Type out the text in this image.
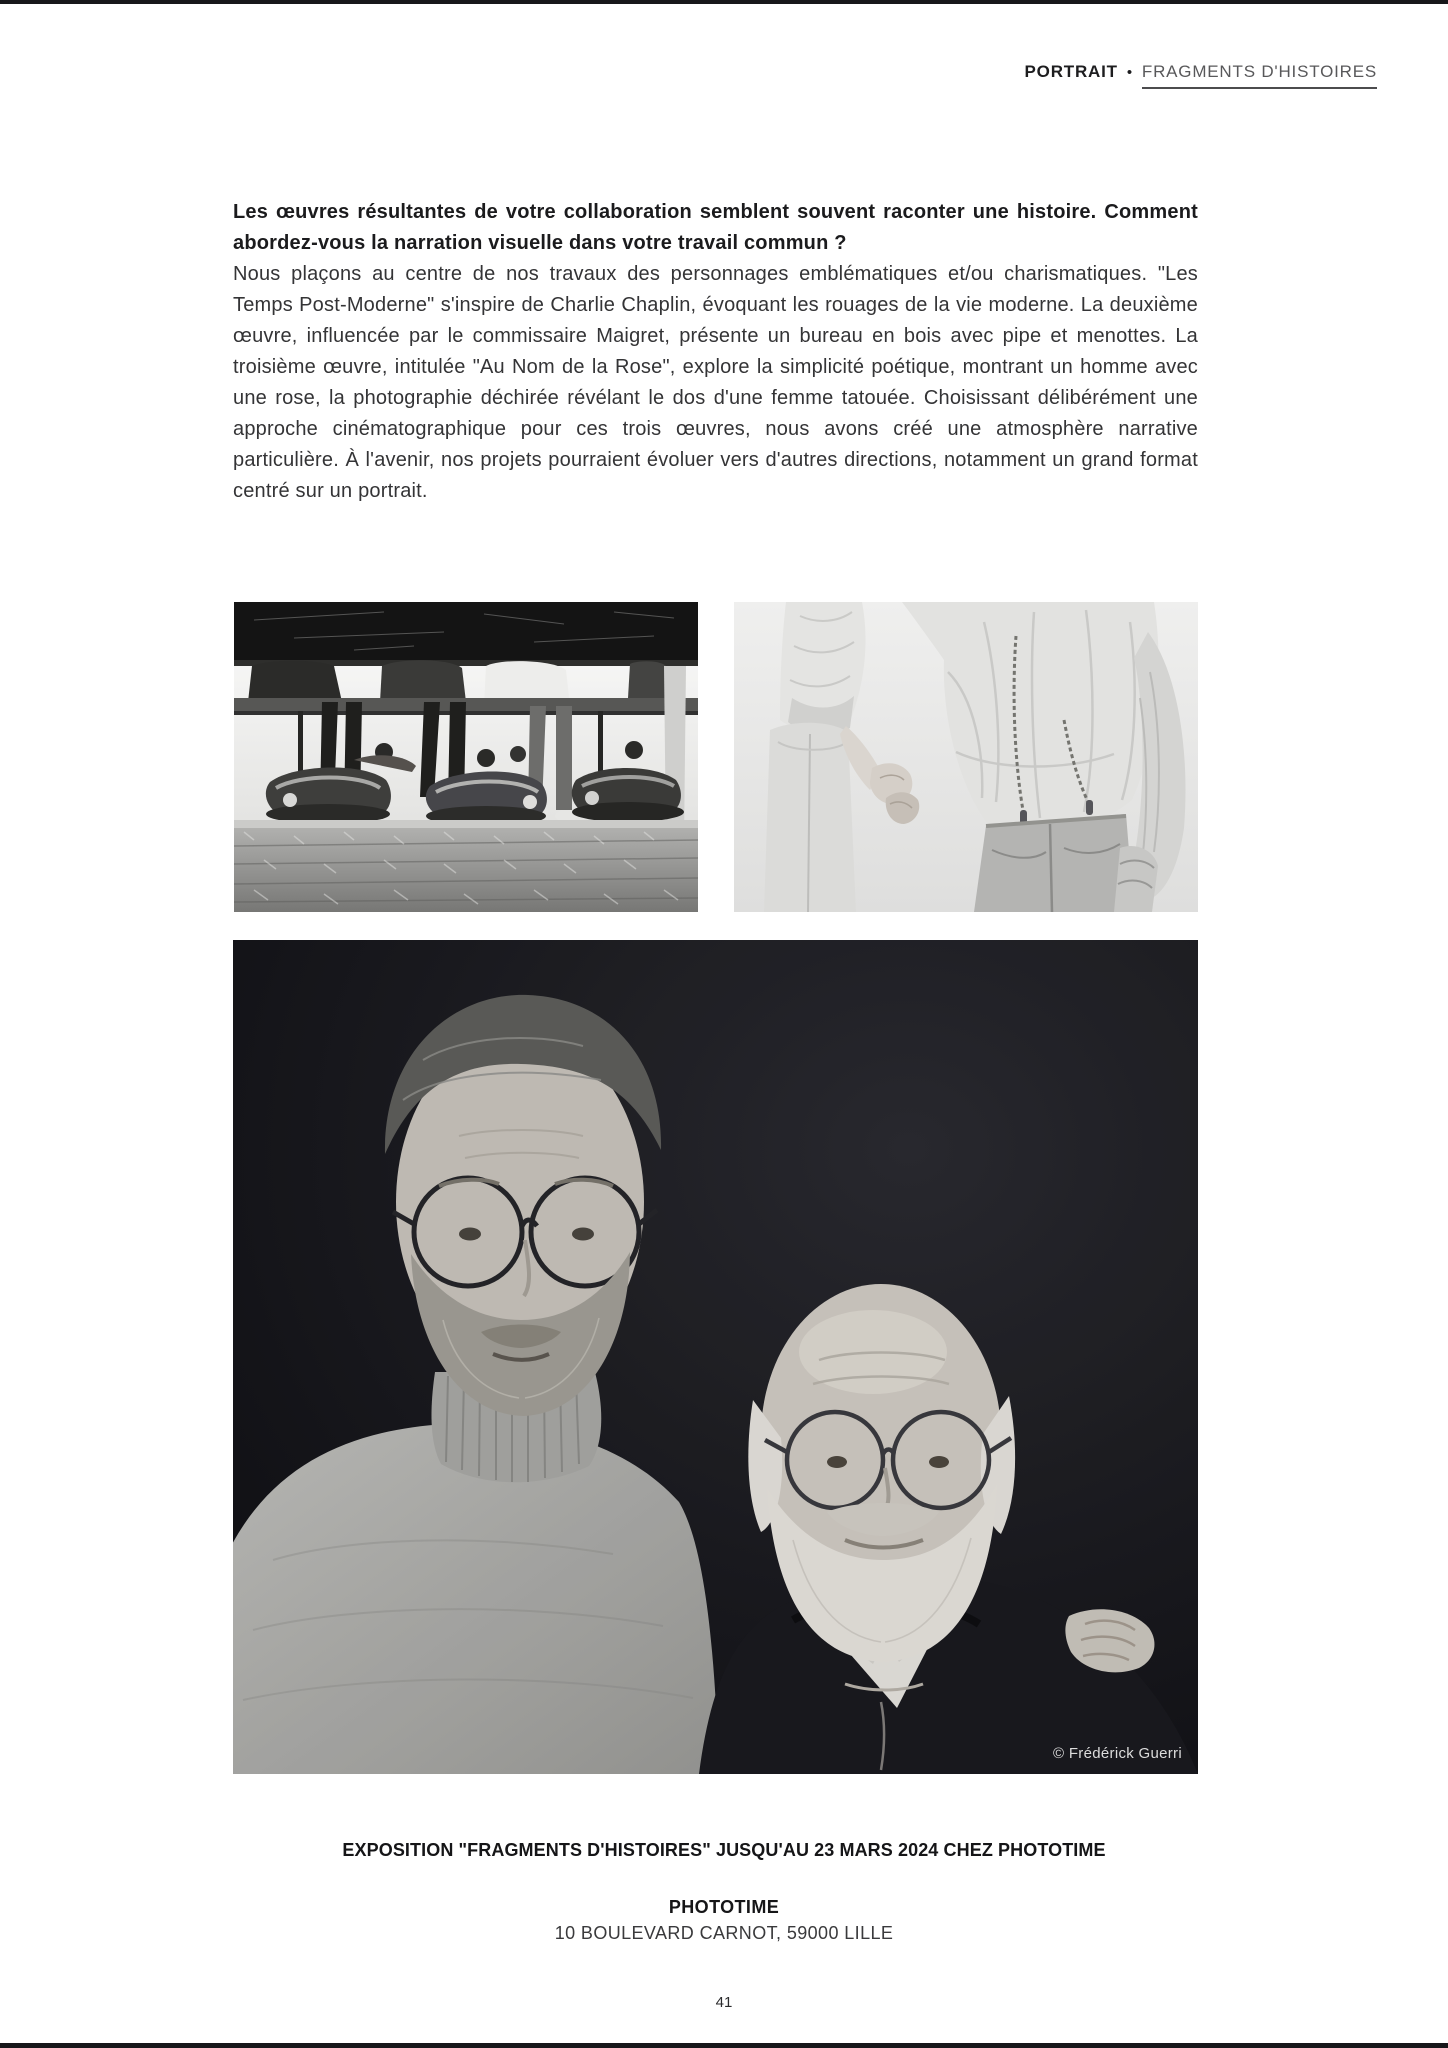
PORTRAIT • FRAGMENTS D'HISTOIRES

Les œuvres résultantes de votre collaboration semblent souvent raconter une histoire. Comment abordez-vous la narration visuelle dans votre travail commun ?

Nous plaçons au centre de nos travaux des personnages emblématiques et/ou charismatiques. "Les Temps Post-Moderne" s'inspire de Charlie Chaplin, évoquant les rouages de la vie moderne. La deuxième œuvre, influencée par le commissaire Maigret, présente un bureau en bois avec pipe et menottes. La troisième œuvre, intitulée "Au Nom de la Rose", explore la simplicité poétique, montrant un homme avec une rose, la photographie déchirée révélant le dos d'une femme tatouée. Choisissant délibérément une approche cinématographique pour ces trois œuvres, nous avons créé une atmosphère narrative particulière. À l'avenir, nos projets pourraient évoluer vers d'autres directions, notamment un grand format centré sur un portrait.

© Frédérick Guerri

EXPOSITION "FRAGMENTS D'HISTOIRES" JUSQU'AU 23 MARS 2024 CHEZ PHOTOTIME

PHOTOTIME

10 BOULEVARD CARNOT, 59000 LILLE

41
